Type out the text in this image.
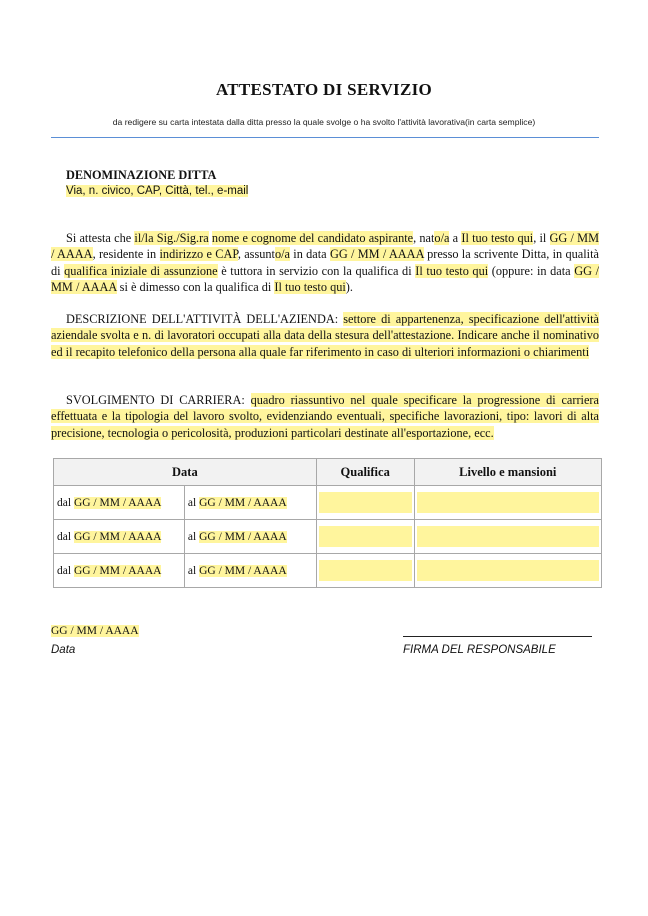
ATTESTATO DI SERVIZIO
da redigere su carta intestata dalla ditta presso la quale svolge o ha svolto l'attività lavorativa(in carta semplice)
DENOMINAZIONE DITTA
Via, n. civico, CAP, Città, tel., e-mail

Si attesta che il/la Sig./Sig.ra nome e cognome del candidato aspirante, nato/a a Il tuo testo qui, il GG / MM / AAAA, residente in indirizzo e CAP, assunto/a in data GG / MM / AAAA presso la scrivente Ditta, in qualità di qualifica iniziale di assunzione è tuttora in servizio con la qualifica di Il tuo testo qui (oppure: in data GG / MM / AAAA si è dimesso con la qualifica di Il tuo testo qui).

DESCRIZIONE DELL'ATTIVITÀ DELL'AZIENDA: settore di appartenenza, specificazione dell'attività aziendale svolta e n. di lavoratori occupati alla data della stesura dell'attestazione. Indicare anche il nominativo ed il recapito telefonico della persona alla quale far riferimento in caso di ulteriori informazioni o chiarimenti

SVOLGIMENTO DI CARRIERA: quadro riassuntivo nel quale specificare la progressione di carriera effettuata e la tipologia del lavoro svolto, evidenziando eventuali, specifiche lavorazioni, tipo: lavori di alta precisione, tecnologia o pericolosità, produzioni particolari destinate all'esportazione, ecc.

Data		Qualifica	Livello e mansioni
dal GG / MM / AAAA	al GG / MM / AAAA	

dal GG / MM / AAAA	al GG / MM / AAAA	

dal GG / MM / AAAA	al GG / MM / AAAA	

GG / MM / AAAA
Data	FIRMA DEL RESPONSABILE
